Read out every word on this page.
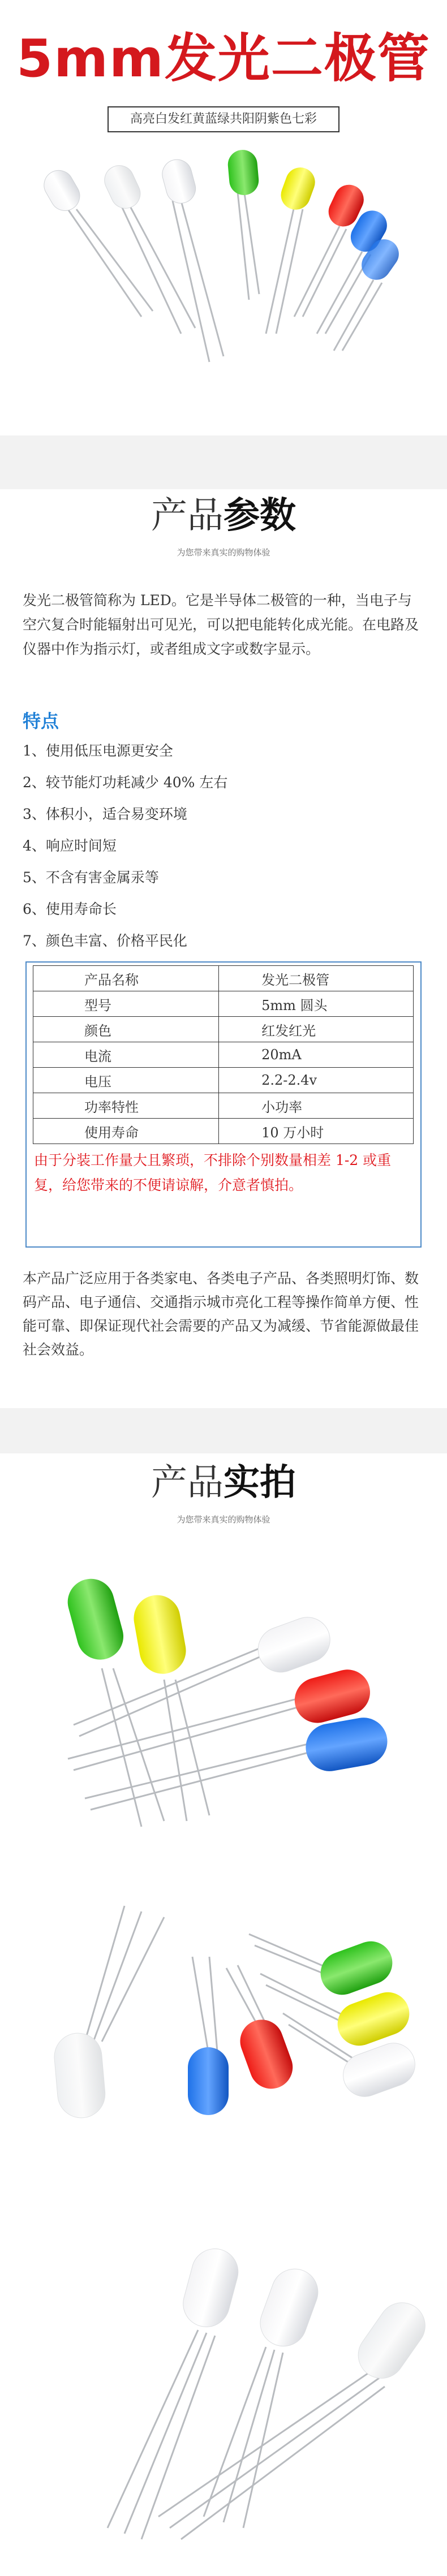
5mm发光二极管
高亮白发红黄蓝绿共阳阴紫色七彩
产品参数
为您带来真实的购物体验
发光二极管简称为 LED。它是半导体二极管的一种，当电子与空穴复合时能辐射出可见光，可以把电能转化成光能。在电路及仪器中作为指示灯，或者组成文字或数字显示。
特点
1、使用低压电源更安全
2、较节能灯功耗减少 40% 左右
3、体积小，适合易变环境
4、响应时间短
5、不含有害金属汞等
6、使用寿命长
7、颜色丰富、价格平民化
产品名称	发光二极管
型号	5mm 圆头
颜色	红发红光
电流	20mA
电压	2.2-2.4v
功率特性	小功率
使用寿命	10 万小时
由于分装工作量大且繁琐，不排除个别数量相差 1-2 或重复，给您带来的不便请谅解，介意者慎拍。
本产品广泛应用于各类家电、各类电子产品、各类照明灯饰、数码产品、电子通信、交通指示城市亮化工程等操作简单方便、性能可靠、即保证现代社会需要的产品又为减缓、节省能源做最佳社会效益。
产品实拍
为您带来真实的购物体验
